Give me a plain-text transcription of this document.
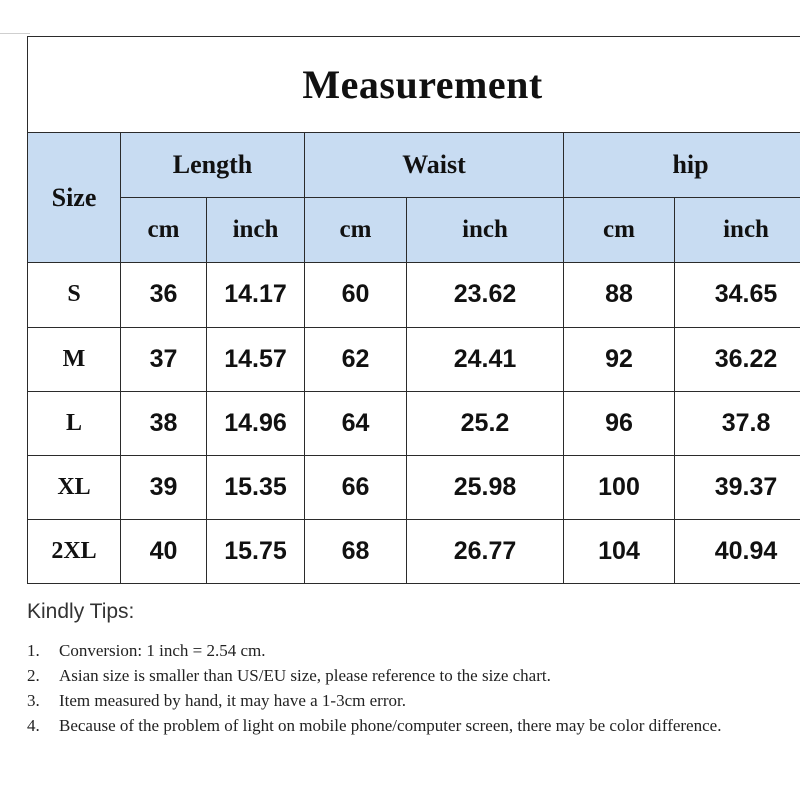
Measurement						
Size	Length		Waist		hip	
	cm	inch	cm	inch	cm	inch
S	36	14.17	60	23.62	88	34.65
M	37	14.57	62	24.41	92	36.22
L	38	14.96	64	25.2	96	37.8
XL	39	15.35	66	25.98	100	39.37
2XL	40	15.75	68	26.77	104	40.94

Kindly Tips:

1. Conversion: 1 inch = 2.54 cm.
2. Asian size is smaller than US/EU size, please reference to the size chart.
3. Item measured by hand, it may have a 1-3cm error.
4. Because of the problem of light on mobile phone/computer screen, there may be color difference.
